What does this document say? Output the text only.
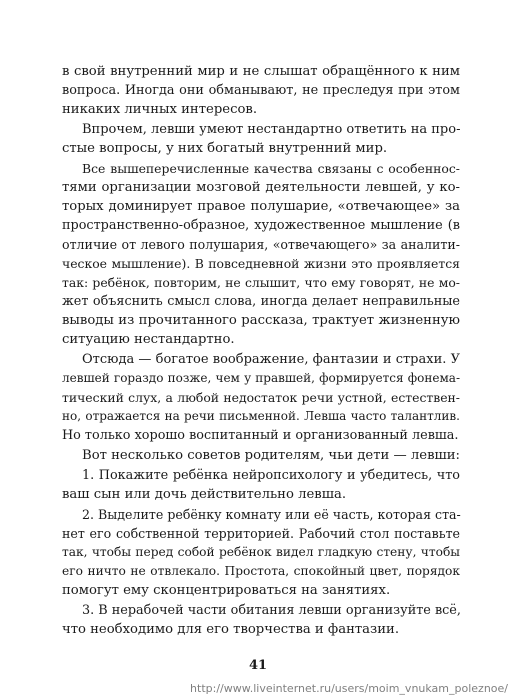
в свой внутренний мир и не слышат обращённого к ним
вопроса. Иногда они обманывают, не преследуя при этом
никаких личных интересов.
Впрочем, левши умеют нестандартно ответить на про-
стые вопросы, у них богатый внутренний мир.
Все вышеперечисленные качества связаны с особеннос-
тями организации мозговой деятельности левшей, у ко-
торых доминирует правое полушарие, «отвечающее» за
пространственно-образное, художественное мышление (в
отличие от левого полушария, «отвечающего» за аналити-
ческое мышление). В повседневной жизни это проявляется
так: ребёнок, повторим, не слышит, что ему говорят, не мо-
жет объяснить смысл слова, иногда делает неправильные
выводы из прочитанного рассказа, трактует жизненную
ситуацию нестандартно.
Отсюда — богатое воображение, фантазии и страхи. У
левшей гораздо позже, чем у правшей, формируется фонема-
тический слух, а любой недостаток речи устной, естествен-
но, отражается на речи письменной. Левша часто талантлив.
Но только хорошо воспитанный и организованный левша.
Вот несколько советов родителям, чьи дети — левши:
1. Покажите ребёнка нейропсихологу и убедитесь, что
ваш сын или дочь действительно левша.
2. Выделите ребёнку комнату или её часть, которая ста-
нет его собственной территорией. Рабочий стол поставьте
так, чтобы перед собой ребёнок видел гладкую стену, чтобы
его ничто не отвлекало. Простота, спокойный цвет, порядок
помогут ему сконцентрироваться на занятиях.
3. В нерабочей части обитания левши организуйте всё,
что необходимо для его творчества и фантазии.
41
http://www.liveinternet.ru/users/moim_vnukam_poleznoe/
